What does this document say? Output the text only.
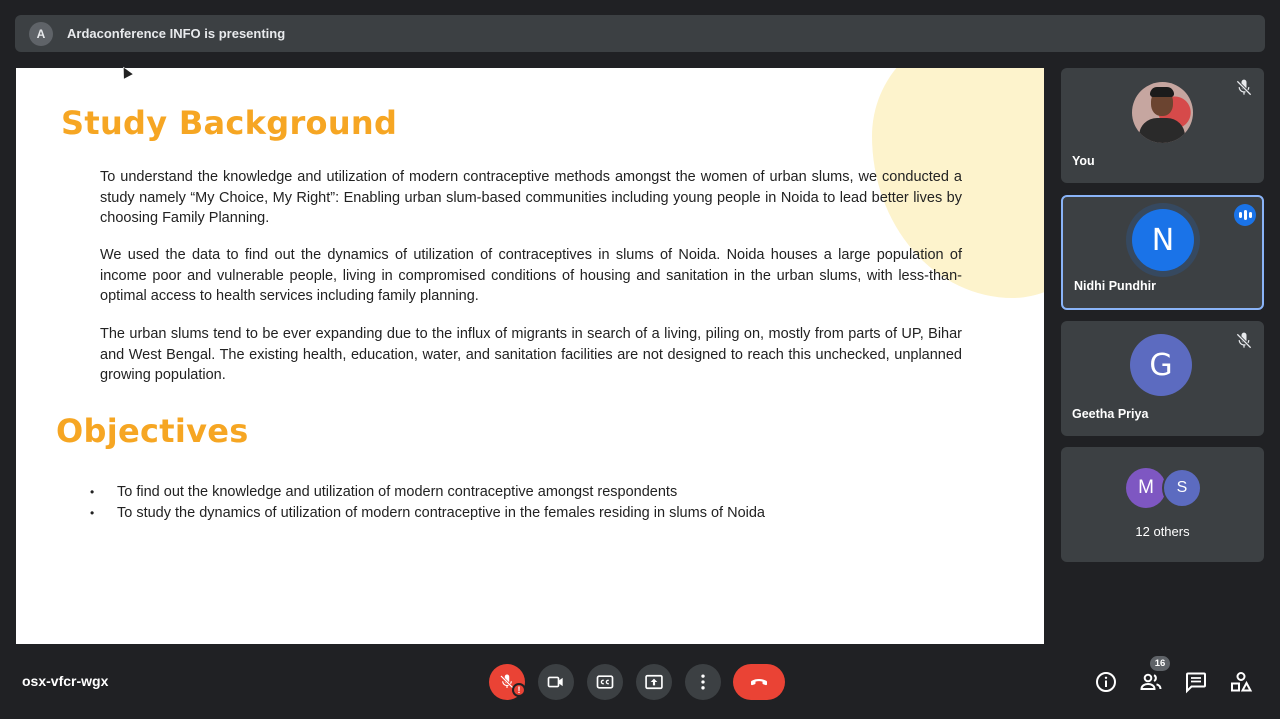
A	Ardaconference INFO is presenting
Study Background

To understand the knowledge and utilization of modern contraceptive methods amongst the women of urban slums, we conducted a study namely “My Choice, My Right”: Enabling urban slum-based communities including young people in Noida to lead better lives by choosing Family Planning.

We used the data to find out the dynamics of utilization of contraceptives in slums of Noida. Noida houses a large population of income poor and vulnerable people, living in compromised conditions of housing and sanitation in the urban slums, with less-than-optimal access to health services including family planning.

The urban slums tend to be ever expanding due to the influx of migrants in search of a living, piling on, mostly from parts of UP, Bihar and West Bengal. The existing health, education, water, and sanitation facilities are not designed to reach this unchecked, unplanned growing population.

Objectives
•	To find out the knowledge and utilization of modern contraceptive amongst respondents
•	To study the dynamics of utilization of modern contraceptive in the females residing in slums of Noida
You
N
Nidhi Pundhir
G
Geetha Priya
M	S
12 others
osx-vfcr-wgx
!
16
